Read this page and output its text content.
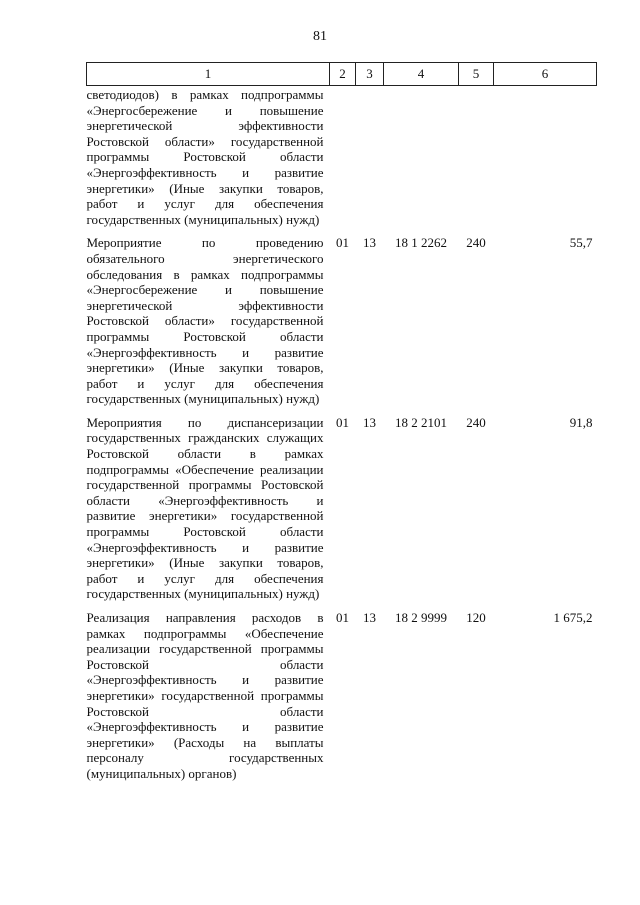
81
1	2	3	4	5	6
светодиодов) в рамках подпрограммы «Энергосбережение и повышение энергетической эффективности Ростовской области» государственной программы Ростовской области «Энергоэффективность и развитие энергетики» (Иные закупки товаров, работ и услуг для обеспечения государственных (муниципальных) нужд)					
Мероприятие по проведению обязательного энергетического обследования в рамках подпрограммы «Энергосбережение и повышение энергетической эффективности Ростовской области» государственной программы Ростовской области «Энергоэффективность и развитие энергетики» (Иные закупки товаров, работ и услуг для обеспечения государственных (муниципальных) нужд)	01	13	18 1 2262	240	55,7
Мероприятия по диспансеризации государственных гражданских служащих Ростовской области в рамках подпрограммы «Обеспечение реализации государственной программы Ростовской области «Энергоэффективность и развитие энергетики» государственной программы Ростовской области «Энергоэффективность и развитие энергетики» (Иные закупки товаров, работ и услуг для обеспечения государственных (муниципальных) нужд)	01	13	18 2 2101	240	91,8
Реализация направления расходов в рамках подпрограммы «Обеспечение реализации государственной программы Ростовской области «Энергоэффективность и развитие энергетики» государственной программы Ростовской области «Энергоэффективность и развитие энергетики» (Расходы на выплаты персоналу государственных (муниципальных) органов)	01	13	18 2 9999	120	1 675,2
